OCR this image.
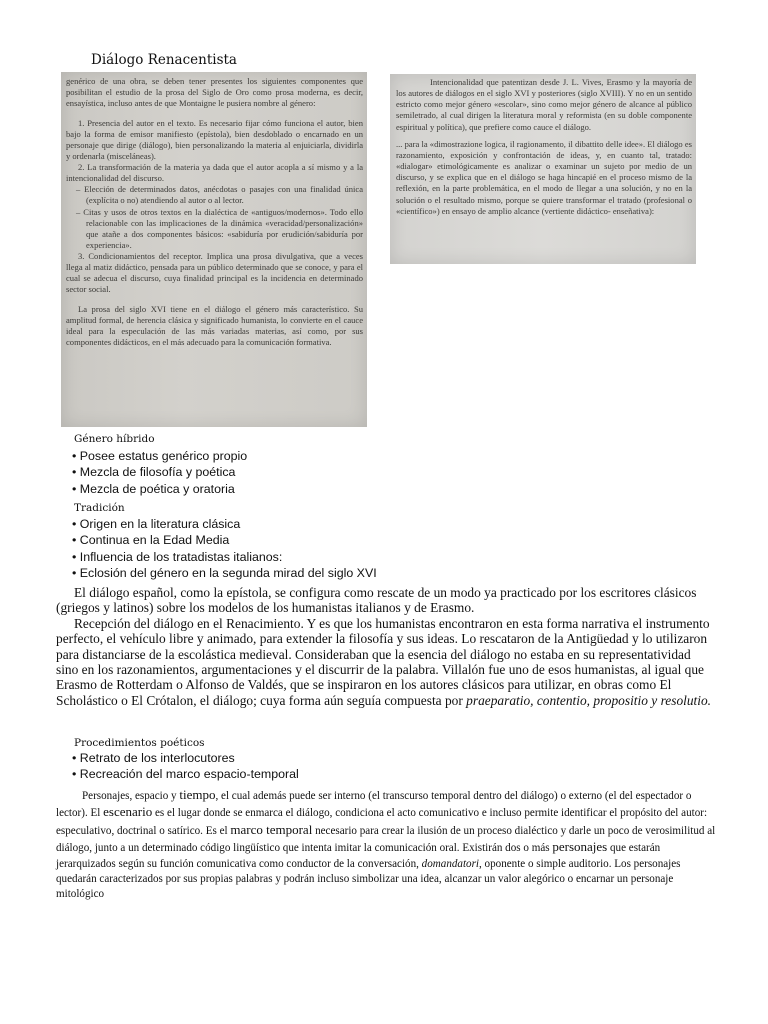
Diálogo Renacentista

genérico de una obra, se deben tener presentes los siguientes componentes que posibilitan el estudio de la prosa del Siglo de Oro como prosa moderna, es decir, ensayística, incluso antes de que Montaigne le pusiera nombre al género:

1. Presencia del autor en el texto. Es necesario fijar cómo funciona el autor, bien bajo la forma de emisor manifiesto (epístola), bien desdoblado o encarnado en un personaje que dirige (diálogo), bien personalizando la materia al enjuiciarla, dividirla y ordenarla (misceláneas).

2. La transformación de la materia ya dada que el autor acopla a sí mismo y a la intencionalidad del discurso.

– Elección de determinados datos, anécdotas o pasajes con una finalidad única (explícita o no) atendiendo al autor o al lector.

– Citas y usos de otros textos en la dialéctica de «antiguos/modernos». Todo ello relacionable con las implicaciones de la dinámica «veracidad/personalización» que atañe a dos componentes básicos: «sabiduría por erudición/sabiduría por experiencia».

3. Condicionamientos del receptor. Implica una prosa divulgativa, que a veces llega al matiz didáctico, pensada para un público determinado que se conoce, y para el cual se adecua el discurso, cuya finalidad principal es la incidencia en determinado sector social.

La prosa del siglo XVI tiene en el diálogo el género más característico. Su amplitud formal, de herencia clásica y significado humanista, lo convierte en el cauce ideal para la especulación de las más variadas materias, así como, por sus componentes didácticos, en el más adecuado para la comunicación formativa.

Intencionalidad que patentizan desde J. L. Vives, Erasmo y la mayoría de los autores de diálogos en el siglo XVI y posteriores (siglo XVIII). Y no en un sentido estricto como mejor género «escolar», sino como mejor género de alcance al público semiletrado, al cual dirigen la literatura moral y reformista (en su doble componente espiritual y política), que prefiere como cauce el diálogo.

... para la «dimostrazione logica, il ragionamento, il dibattito delle idee». El diálogo es razonamiento, exposición y confrontación de ideas, y, en cuanto tal, tratado: «dialogar» etimológicamente es analizar o examinar un sujeto por medio de un discurso, y se explica que en el diálogo se haga hincapié en el proceso mismo de la reflexión, en la parte problemática, en el modo de llegar a una solución, y no en la solución o el resultado mismo, porque se quiere transformar el tratado (profesional o «científico») en ensayo de amplio alcance (vertiente didáctico- enseñativa):

Género híbrido
• Posee estatus genérico propio
• Mezcla de filosofía y poética
• Mezcla de poética y oratoria
Tradición
• Origen en la literatura clásica
• Continua en la Edad Media
• Influencia de los tratadistas italianos:
• Eclosión del género en la segunda mirad del siglo XVI
El diálogo español, como la epístola, se configura como rescate de un modo ya practicado por los escritores clásicos (griegos y latinos) sobre los modelos de los humanistas italianos y de Erasmo.
Recepción del diálogo en el Renacimiento. Y es que los humanistas encontraron en esta forma narrativa el instrumento perfecto, el vehículo libre y animado, para extender la filosofía y sus ideas. Lo rescataron de la Antigüedad y lo utilizaron para distanciarse de la escolástica medieval. Consideraban que la esencia del diálogo no estaba en su representatividad sino en los razonamientos, argumentaciones y el discurrir de la palabra. Villalón fue uno de esos humanistas, al igual que Erasmo de Rotterdam o Alfonso de Valdés, que se inspiraron en los autores clásicos para utilizar, en obras como El Scholástico o El Crótalon, el diálogo; cuya forma aún seguía compuesta por praeparatio, contentio, propositio y resolutio.
Procedimientos poéticos
• Retrato de los interlocutores
• Recreación del marco espacio-temporal

Personajes, espacio y tiempo, el cual además puede ser interno (el transcurso temporal dentro del diálogo) o externo (el del espectador o lector). El escenario es el lugar donde se enmarca el diálogo, condiciona el acto comunicativo e incluso permite identificar el propósito del autor: especulativo, doctrinal o satírico. Es el marco temporal necesario para crear la ilusión de un proceso dialéctico y darle un poco de verosimilitud al diálogo, junto a un determinado código lingüístico que intenta imitar la comunicación oral. Existirán dos o más personajes que estarán jerarquizados según su función comunicativa como conductor de la conversación, domandatori, oponente o simple auditorio. Los personajes quedarán caracterizados por sus propias palabras y podrán incluso simbolizar una idea, alcanzar un valor alegórico o encarnar un personaje mitológico
